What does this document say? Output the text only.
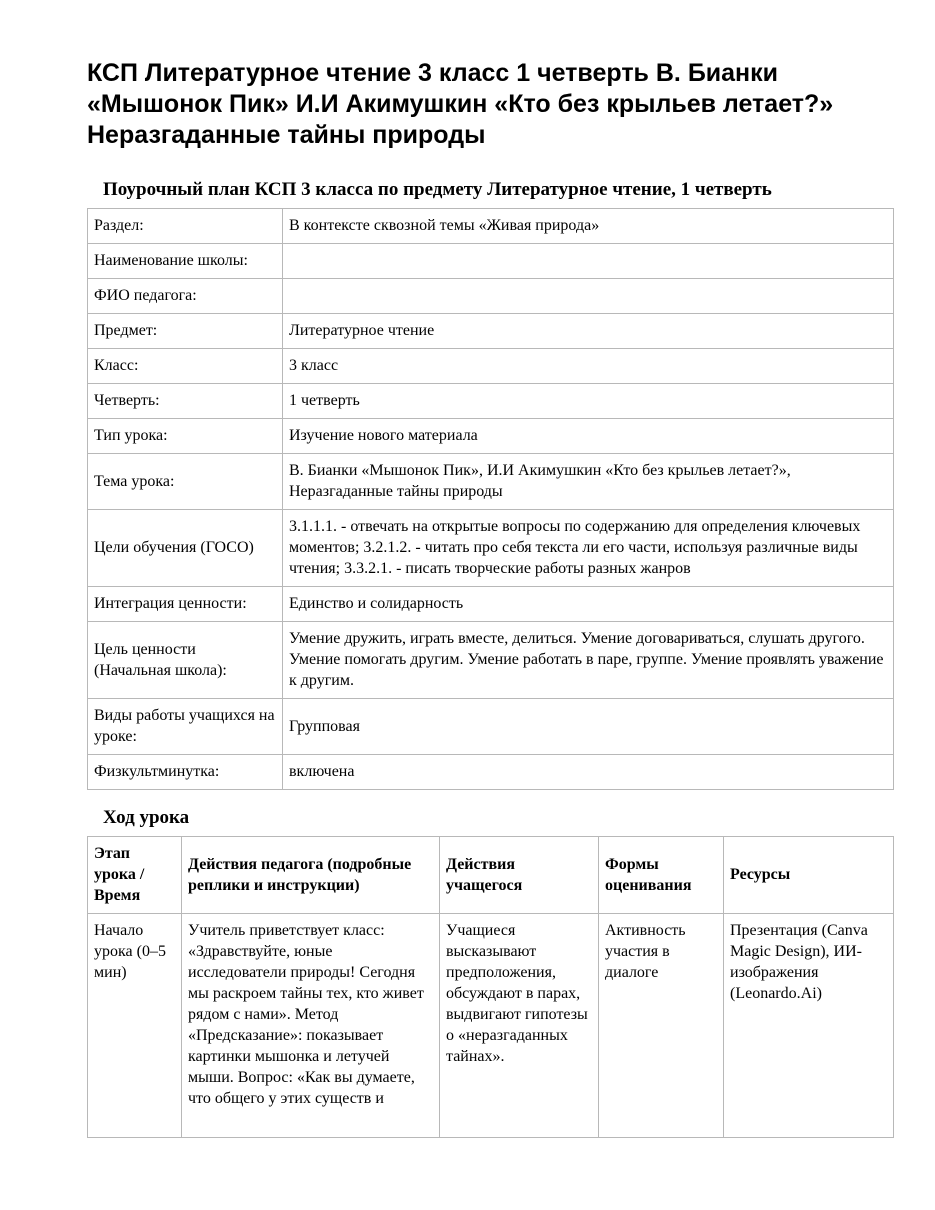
КСП Литературное чтение 3 класс 1 четверть В. Бианки «Мышонок Пик» И.И Акимушкин «Кто без крыльев летает?» Неразгаданные тайны природы
Поурочный план КСП 3 класса по предмету Литературное чтение, 1 четверть
Раздел:	В контексте сквозной темы «Живая природа»
Наименование школы:	
ФИО педагога:	
Предмет:	Литературное чтение
Класс:	3 класс
Четверть:	1 четверть
Тип урока:	Изучение нового материала
Тема урока:	В. Бианки «Мышонок Пик», И.И Акимушкин «Кто без крыльев летает?», Неразгаданные тайны природы
Цели обучения (ГОСО)	3.1.1.1. - отвечать на открытые вопросы по содержанию для определения ключевых моментов; 3.2.1.2. - читать про себя текста ли его части, используя различные виды чтения; 3.3.2.1. - писать творческие работы разных жанров
Интеграция ценности:	Единство и солидарность
Цель ценности (Начальная школа):	Умение дружить, играть вместе, делиться. Умение договариваться, слушать другого. Умение помогать другим. Умение работать в паре, группе. Умение проявлять уважение к другим.
Виды работы учащихся на уроке:	Групповая
Физкультминутка:	включена
Ход урока
Этап урока / Время	Действия педагога (подробные реплики и инструкции)	Действия учащегося	Формы оценивания	Ресурсы
Начало урока (0–5 мин)	Учитель приветствует класс: «Здравствуйте, юные исследователи природы! Сегодня мы раскроем тайны тех, кто живет рядом с нами». Метод «Предсказание»: показывает картинки мышонка и летучей мыши. Вопрос: «Как вы думаете, что общего у этих существ и	Учащиеся высказывают предположения, обсуждают в парах, выдвигают гипотезы о «неразгаданных тайнах».	Активность участия в диалоге	Презентация (Canva Magic Design), ИИ-изображения (Leonardo.Ai)
